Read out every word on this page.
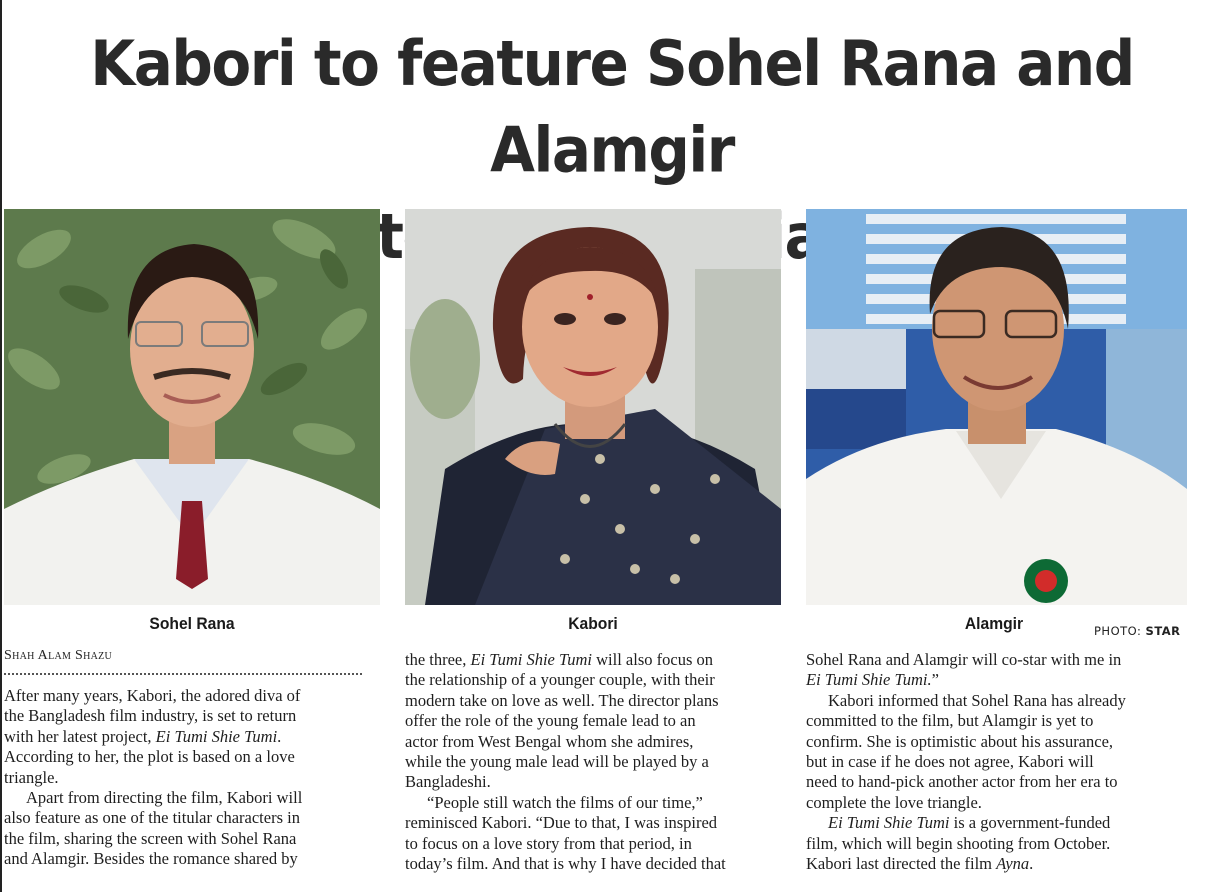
Kabori to feature Sohel Rana and Alamgir

Sohel Rana	Kabori	Alamgir	PHOTO: STAR
Shah Alam Shazu

After many years, Kabori, the adored diva of
the Bangladesh film industry, is set to return
with her latest project, Ei Tumi Shie Tumi.
According to her, the plot is based on a love
triangle.

Apart from directing the film, Kabori will

also feature as one of the titular characters in
the film, sharing the screen with Sohel Rana
and Alamgir. Besides the romance shared by

the three, Ei Tumi Shie Tumi will also focus on
the relationship of a younger couple, with their
modern take on love as well. The director plans
offer the role of the young female lead to an
actor from West Bengal whom she admires,
while the young male lead will be played by a
Bangladeshi.

“People still watch the films of our time,”

reminisced Kabori. “Due to that, I was inspired
to focus on a love story from that period, in
today’s film. And that is why I have decided that

Sohel Rana and Alamgir will co-star with me in
Ei Tumi Shie Tumi.”

Kabori informed that Sohel Rana has already

committed to the film, but Alamgir is yet to
confirm. She is optimistic about his assurance,
but in case if he does not agree, Kabori will
need to hand-pick another actor from her era to
complete the love triangle.

Ei Tumi Shie Tumi is a government-funded

film, which will begin shooting from October.
Kabori last directed the film Ayna.
